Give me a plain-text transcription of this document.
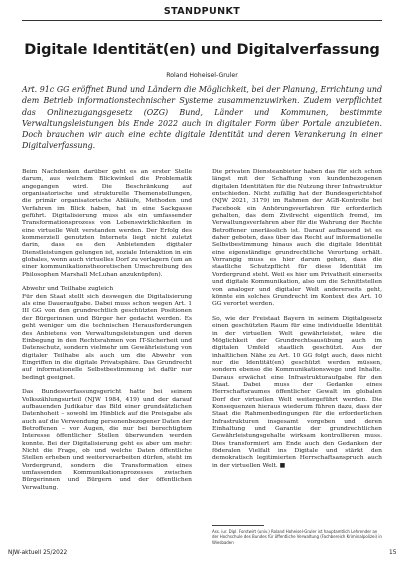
STANDPUNKT
Digitale Identität(en) und Digitalverfassung
Roland Hoheisel-Gruler
Art. 91c GG eröffnet Bund und Ländern die Möglichkeit, bei der Planung, Errichtung und dem Betrieb informationstechnischer Systeme zusammenzuwirken. Zudem verpflichtet das Onlinezugangsgesetz (OZG) Bund, Länder und Kommunen, bestimmte Verwaltungsleistungen bis Ende 2022 auch in digitaler Form über Portale anzubieten. Doch brauchen wir auch eine echte digitale Identität und deren Verankerung in einer Digitalverfassung.

Beim Nachdenken darüber geht es an erster Stelle darum, aus welchem Blickwinkel die Problematik angegangen wird. Die Beschränkung auf organisatorische und strukturelle Themenstellungen, die primär organisatorische Abläufe, Methoden und Verfahren im Blick haben, hat in eine Sackgasse geführt. Digitalisierung muss als ein umfassender Transformationsprozess von Lebenswirklichkeiten in eine virtuelle Welt verstanden werden. Der Erfolg des kommerziell genutzten Internets liegt nicht zuletzt darin, dass es den Anbietenden digitaler Dienstleistungen gelungen ist, soziale Interaktion in ein globales, wenn auch virtuelles Dorf zu verlagern (um an einer kommunikationstheoretischen Umschreibung des Philosophen Marshall McLuhan anzuknüpfen).

Abwehr und Teilhabe zugleich

Für den Staat stellt sich deswegen die Digitalisierung als eine Daueraufgabe. Dabei muss schon wegen Art. 1 III GG von den grundrechtlich geschützten Positionen der Bürgerinnen und Bürger her gedacht werden. Es geht weniger um die technischen Herausforderungen des Anbietens von Verwaltungsleistungen und deren Einbegung in den Rechtsrahmen von IT-Sicherheit und Datenschutz, sondern vielmehr um Gewährleistung von digitaler Teilhabe als auch um die Abwehr von Eingriffen in die digitale Privatsphäre. Das Grundrecht auf informationelle Selbstbestimmung ist dafür nur bedingt geeignet.

Das Bundesverfassungsgericht hatte bei seinem Volkszählungsurteil (NJW 1984, 419) und der darauf aufbauenden Judikatur das Bild einer grundsätzlichen Datenhoheit – sowohl im Hinblick auf die Preisgabe als auch auf die Verwendung personenbezogener Daten der Betroffenen – vor Augen, die nur bei berechtigtem Interesse öffentlicher Stellen überwunden werden konnte. Bei der Digitalisierung geht es aber um mehr: Nicht die Frage, ob und welche Daten öffentliche Stellen erheben und weiterverarbeiten dürfen, steht im Vordergrund, sondern die Transformation eines umfassenden Kommunikationsprozesses zwischen Bürgerinnen und Bürgern und der öffentlichen Verwaltung.

Die privaten Diensteanbieter haben das für sich schon längst mit der Schaffung von kundenbezogenen digitalen Identitäten für die Nutzung ihrer Infrastruktur entschieden. Nicht zufällig hat der Bundesgerichtshof (NJW 2021, 3179) im Rahmen der AGB-Kontrolle bei Facebook ein Anhörungsverfahren für erforderlich gehalten, das dem Zivilrecht eigentlich fremd, im Verwaltungsverfahren aber für die Wahrung der Rechte Betroffener unerlässlich ist. Darauf aufbauend ist es daher geboten, dass über das Recht auf informationelle Selbstbestimmung hinaus auch die digitale Identität eine eigenständige grundrechtliche Verortung erhält. Vorrangig muss es hier darum gehen, dass die staatliche Schutzpflicht für diese Identität im Vordergrund steht. Weil es hier um Privatheit einerseits und digitale Kommunikation, also um die Schnittstellen von analoger und digitaler Welt andererseits geht, könnte ein solches Grundrecht im Kontext des Art. 10 GG verortet werden.

So, wie der Freistaat Bayern in seinem Digitalgesetz einen geschützten Raum für eine individuelle Identität in der virtuellen Welt gewährleistet, wäre die Möglichkeit der Grundrechtsausübung auch im digitalen Umfeld staatlich geschützt. Aus der inhaltlichen Nähe zu Art. 10 GG folgt auch, dass nicht nur die Identität(en) geschützt werden müssen, sondern ebenso die Kommunikationswege und Inhalte. Daraus erwächst eine Infrastrukturaufgabe für den Staat. Dabei muss der Gedanke eines Herrschaftsraumes öffentlicher Gewalt im globalen Dorf der virtuellen Welt weitergeführt werden. Die Konsequenzen hieraus wiederum führen dazu, dass der Staat die Rahmenbedingungen für die erforderlichen Infrastrukturen insgesamt vorgeben und deren Einhaltung und Garantie der grundrechtlichen Gewährleistungsgehalte wirksam kontrollieren muss. Dies transformiert am Ende auch den Gedanken der föderalen Vielfalt ins Digitale und stärkt den demokratisch legitimierten Herrschaftsanspruch auch in der virtuellen Welt. ■

Ass. iur. Dipl. Forstwirt (univ.) Roland Hoheisel-Gruler ist hauptamtlich Lehrender an der Hochschule des Bundes für öffentliche Verwaltung (Fachbereich Kriminalpolizei) in Wiesbaden
NJW-aktuell 25/2022	15
